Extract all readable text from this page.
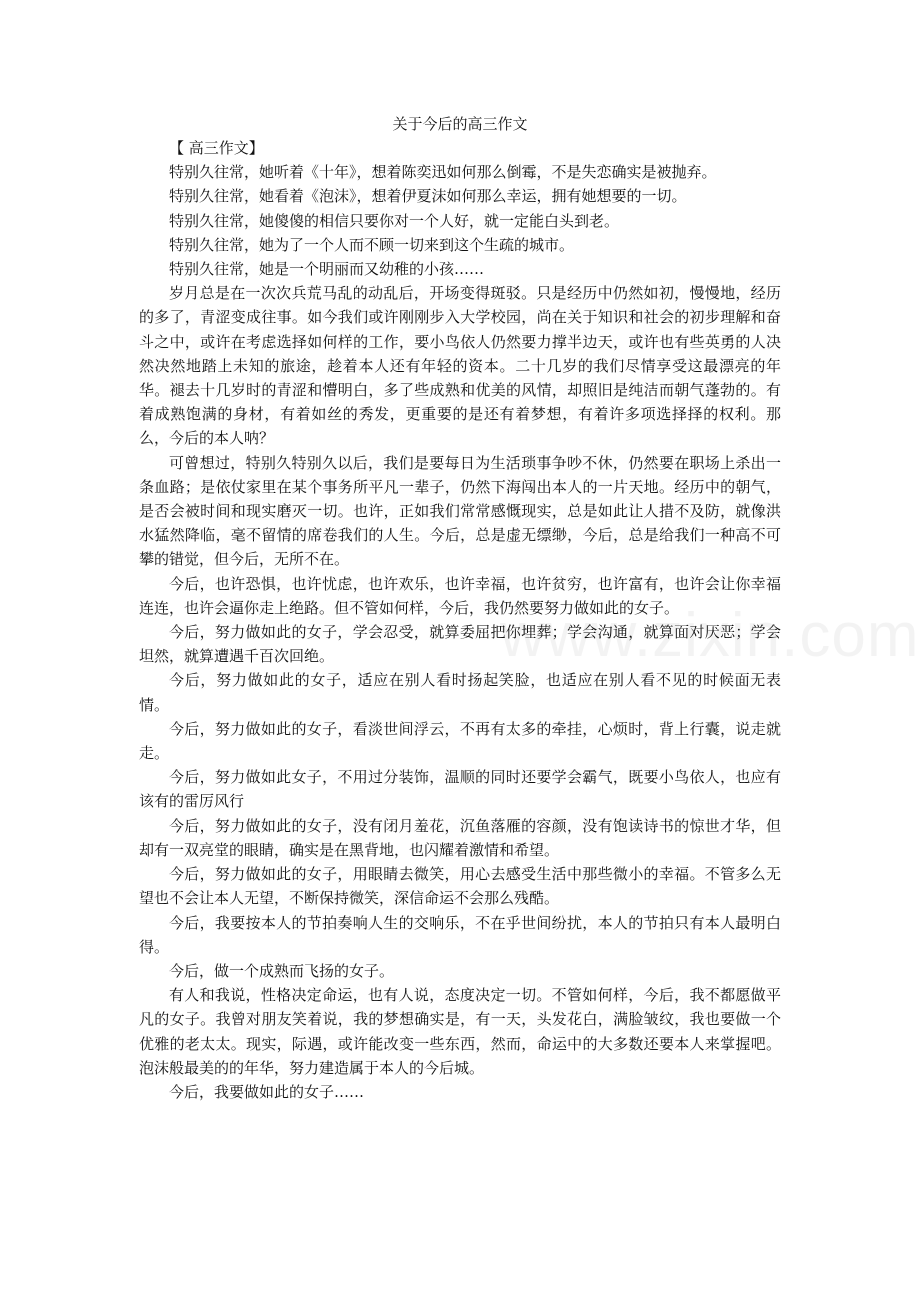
关于今后的高三作文

【 高三作文】

特别久往常，她听着《十年》，想着陈奕迅如何那么倒霉，不是失恋确实是被抛弃。

特别久往常，她看着《泡沫》，想着伊夏沫如何那么幸运，拥有她想要的一切。

特别久往常，她傻傻的相信只要你对一个人好，就一定能白头到老。

特别久往常，她为了一个人而不顾一切来到这个生疏的城市。

特别久往常，她是一个明丽而又幼稚的小孩……

岁月总是在一次次兵荒马乱的动乱后，开场变得斑驳。只是经历中仍然如初，慢慢地，经历的多了，青涩变成往事。如今我们或许刚刚步入大学校园，尚在关于知识和社会的初步理解和奋斗之中，或许在考虑选择如何样的工作，要小鸟依人仍然要力撑半边天，或许也有些英勇的人决然决然地踏上未知的旅途，趁着本人还有年轻的资本。二十几岁的我们尽情享受这最漂亮的年华。褪去十几岁时的青涩和懵明白，多了些成熟和优美的风情，却照旧是纯洁而朝气蓬勃的。有着成熟饱满的身材，有着如丝的秀发，更重要的是还有着梦想，有着许多项选择择的权利。那么，今后的本人呐？

可曾想过，特别久特别久以后，我们是要每日为生活琐事争吵不休，仍然要在职场上杀出一条血路；是依仗家里在某个事务所平凡一辈子，仍然下海闯出本人的一片天地。经历中的朝气，是否会被时间和现实磨灭一切。也许，正如我们常常感慨现实，总是如此让人措不及防，就像洪水猛然降临，毫不留情的席卷我们的人生。今后，总是虚无缥缈，今后，总是给我们一种高不可攀的错觉，但今后，无所不在。

今后，也许恐惧，也许忧虑，也许欢乐，也许幸福，也许贫穷，也许富有，也许会让你幸福连连，也许会逼你走上绝路。但不管如何样，今后，我仍然要努力做如此的女子。

今后，努力做如此的女子，学会忍受，就算委屈把你埋葬；学会沟通，就算面对厌恶；学会坦然，就算遭遇千百次回绝。

今后，努力做如此的女子，适应在别人看时扬起笑脸，也适应在别人看不见的时候面无表情。

今后，努力做如此的女子，看淡世间浮云，不再有太多的牵挂，心烦时，背上行囊，说走就走。

今后，努力做如此女子，不用过分装饰，温顺的同时还要学会霸气，既要小鸟依人，也应有该有的雷厉风行

今后，努力做如此的女子，没有闭月羞花，沉鱼落雁的容颜，没有饱读诗书的惊世才华，但却有一双亮堂的眼睛，确实是在黑背地，也闪耀着激情和希望。

今后，努力做如此的女子，用眼睛去微笑，用心去感受生活中那些微小的幸福。不管多么无望也不会让本人无望，不断保持微笑，深信命运不会那么残酷。

今后，我要按本人的节拍奏响人生的交响乐，不在乎世间纷扰，本人的节拍只有本人最明白得。

今后，做一个成熟而飞扬的女子。

有人和我说，性格决定命运，也有人说，态度决定一切。不管如何样，今后，我不都愿做平凡的女子。我曾对朋友笑着说，我的梦想确实是，有一天，头发花白，满脸皱纹，我也要做一个优雅的老太太。现实，际遇，或许能改变一些东西，然而，命运中的大多数还要本人来掌握吧。泡沫般最美的的年华，努力建造属于本人的今后城。

今后，我要做如此的女子……
